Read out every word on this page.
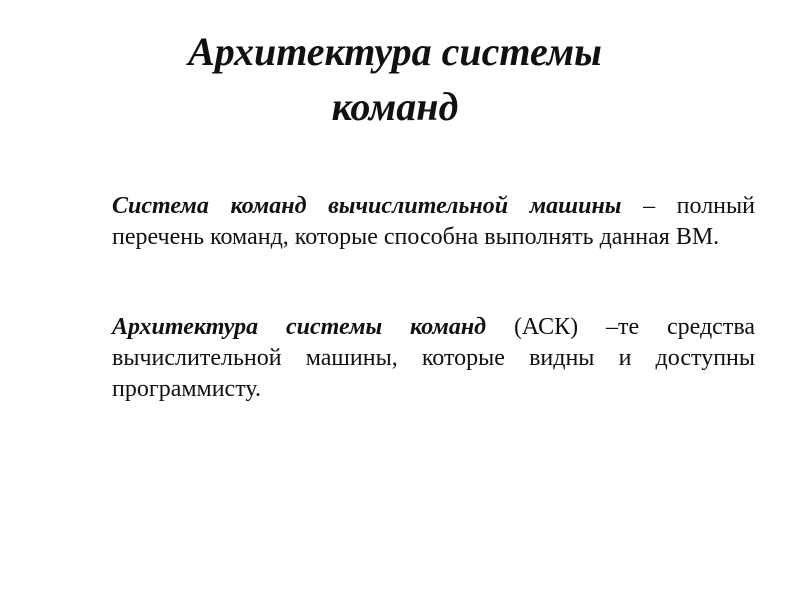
Архитектура системы
команд

Система команд вычислительной машины – полный перечень команд, которые способна выполнять данная ВМ.

Архитектура системы команд (АСК) –те средства вычислительной машины, которые видны и доступны программисту.
